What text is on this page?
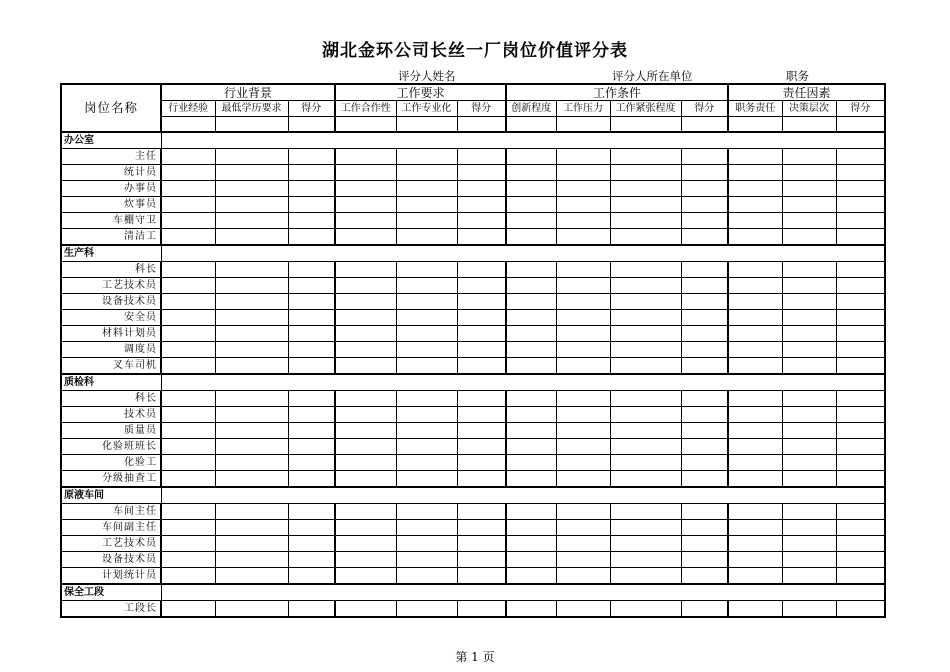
湖北金环公司长丝一厂岗位价值评分表
评分人姓名	评分人所在单位	职务
岗位名称	行业背景			工作要求			工作条件				责任因素		
	行业经验	最低学历要求	得分	工作合作性	工作专业化	得分	创新程度	工作压力	工作紧张程度	得分	职务责任	决策层次	得分

办公室													
主任													
统计员													
办事员													
炊事员													
车棚守卫													
清洁工													
生产科													
科长													
工艺技术员													
设备技术员													
安全员													
材料计划员													
调度员													
叉车司机													
质检科													
科长													
技术员													
质量员													
化验班班长													
化验工													
分级抽查工													
原液车间													
车间主任													
车间副主任													
工艺技术员													
设备技术员													
计划统计员													
保全工段													
工段长													
第 1 页
